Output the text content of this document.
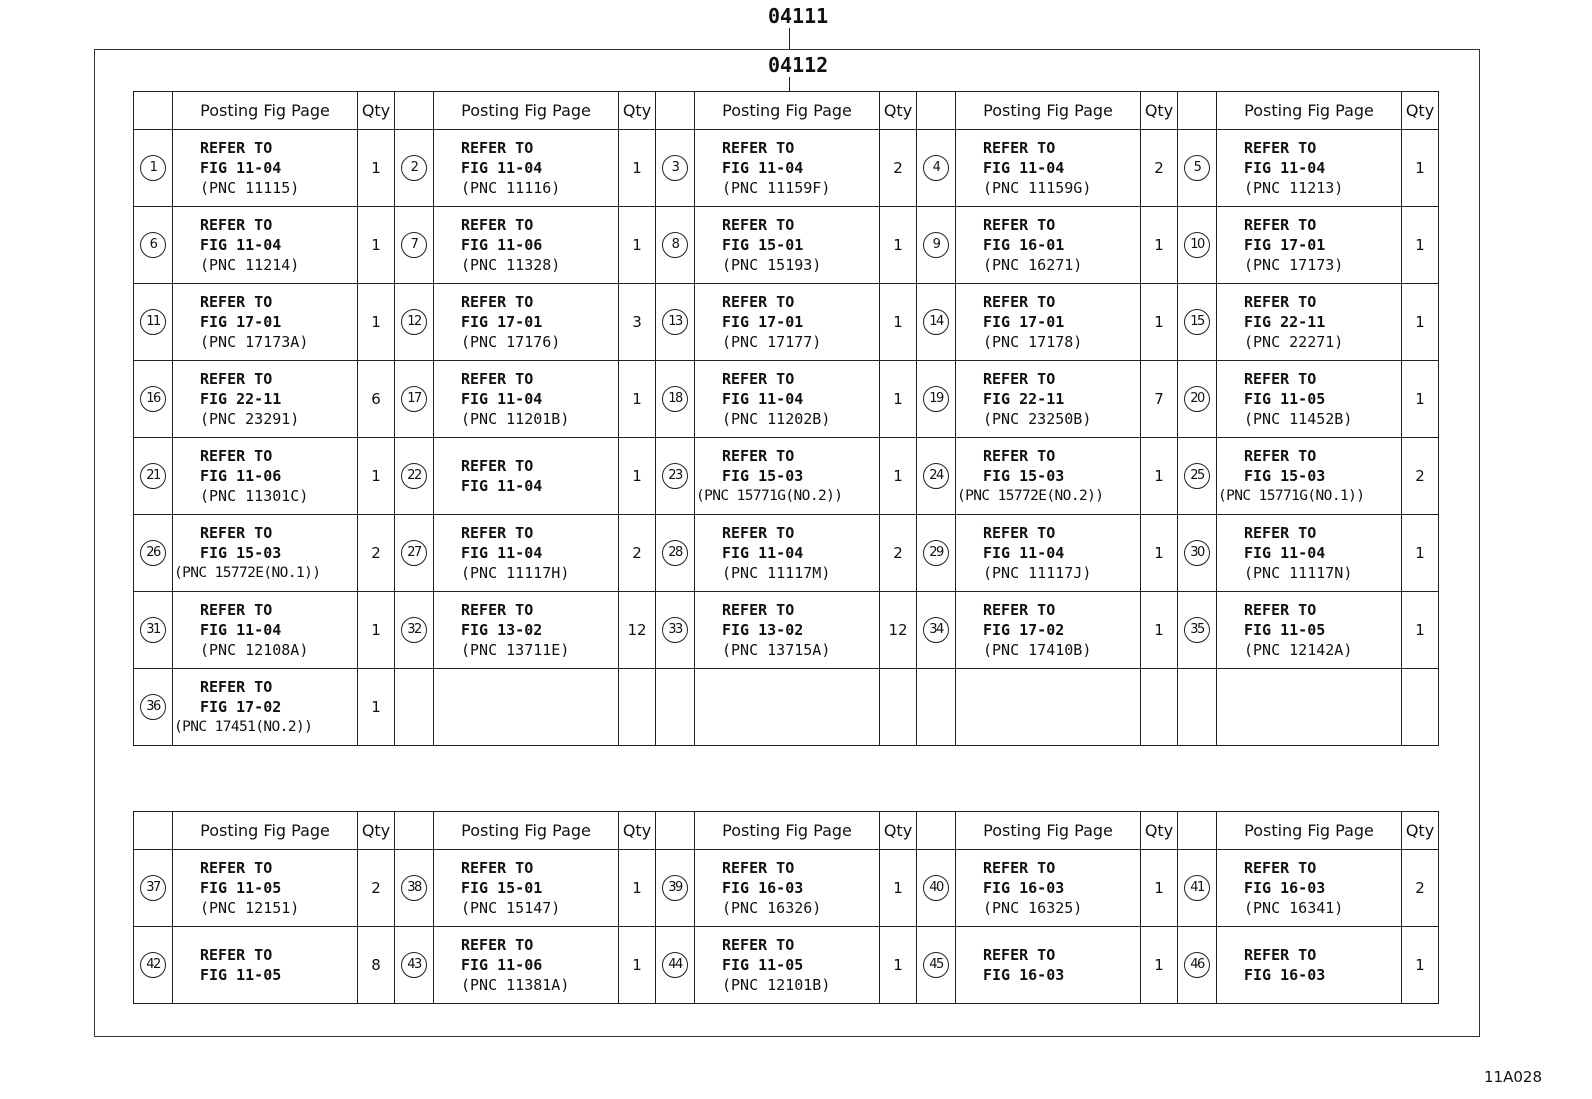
04111
04112
	Posting Fig Page	Qty		Posting Fig Page	Qty		Posting Fig Page	Qty		Posting Fig Page	Qty		Posting Fig Page	Qty
1	REFER TO
FIG 11-04
(PNC 11115)	1	2	REFER TO
FIG 11-04
(PNC 11116)	1	3	REFER TO
FIG 11-04
(PNC 11159F)	2	4	REFER TO
FIG 11-04
(PNC 11159G)	2	5	REFER TO
FIG 11-04
(PNC 11213)	1
6	REFER TO
FIG 11-04
(PNC 11214)	1	7	REFER TO
FIG 11-06
(PNC 11328)	1	8	REFER TO
FIG 15-01
(PNC 15193)	1	9	REFER TO
FIG 16-01
(PNC 16271)	1	10	REFER TO
FIG 17-01
(PNC 17173)	1
11	REFER TO
FIG 17-01
(PNC 17173A)	1	12	REFER TO
FIG 17-01
(PNC 17176)	3	13	REFER TO
FIG 17-01
(PNC 17177)	1	14	REFER TO
FIG 17-01
(PNC 17178)	1	15	REFER TO
FIG 22-11
(PNC 22271)	1
16	REFER TO
FIG 22-11
(PNC 23291)	6	17	REFER TO
FIG 11-04
(PNC 11201B)	1	18	REFER TO
FIG 11-04
(PNC 11202B)	1	19	REFER TO
FIG 22-11
(PNC 23250B)	7	20	REFER TO
FIG 11-05
(PNC 11452B)	1
21	REFER TO
FIG 11-06
(PNC 11301C)	1	22	REFER TO
FIG 11-04	1	23	REFER TO
FIG 15-03
(PNC 15771G(NO.2))	1	24	REFER TO
FIG 15-03
(PNC 15772E(NO.2))	1	25	REFER TO
FIG 15-03
(PNC 15771G(NO.1))	2
26	REFER TO
FIG 15-03
(PNC 15772E(NO.1))	2	27	REFER TO
FIG 11-04
(PNC 11117H)	2	28	REFER TO
FIG 11-04
(PNC 11117M)	2	29	REFER TO
FIG 11-04
(PNC 11117J)	1	30	REFER TO
FIG 11-04
(PNC 11117N)	1
31	REFER TO
FIG 11-04
(PNC 12108A)	1	32	REFER TO
FIG 13-02
(PNC 13711E)	12	33	REFER TO
FIG 13-02
(PNC 13715A)	12	34	REFER TO
FIG 17-02
(PNC 17410B)	1	35	REFER TO
FIG 11-05
(PNC 12142A)	1
36	REFER TO
FIG 17-02
(PNC 17451(NO.2))	1												
	Posting Fig Page	Qty		Posting Fig Page	Qty		Posting Fig Page	Qty		Posting Fig Page	Qty		Posting Fig Page	Qty
37	REFER TO
FIG 11-05
(PNC 12151)	2	38	REFER TO
FIG 15-01
(PNC 15147)	1	39	REFER TO
FIG 16-03
(PNC 16326)	1	40	REFER TO
FIG 16-03
(PNC 16325)	1	41	REFER TO
FIG 16-03
(PNC 16341)	2
42	REFER TO
FIG 11-05	8	43	REFER TO
FIG 11-06
(PNC 11381A)	1	44	REFER TO
FIG 11-05
(PNC 12101B)	1	45	REFER TO
FIG 16-03	1	46	REFER TO
FIG 16-03	1
11A028
